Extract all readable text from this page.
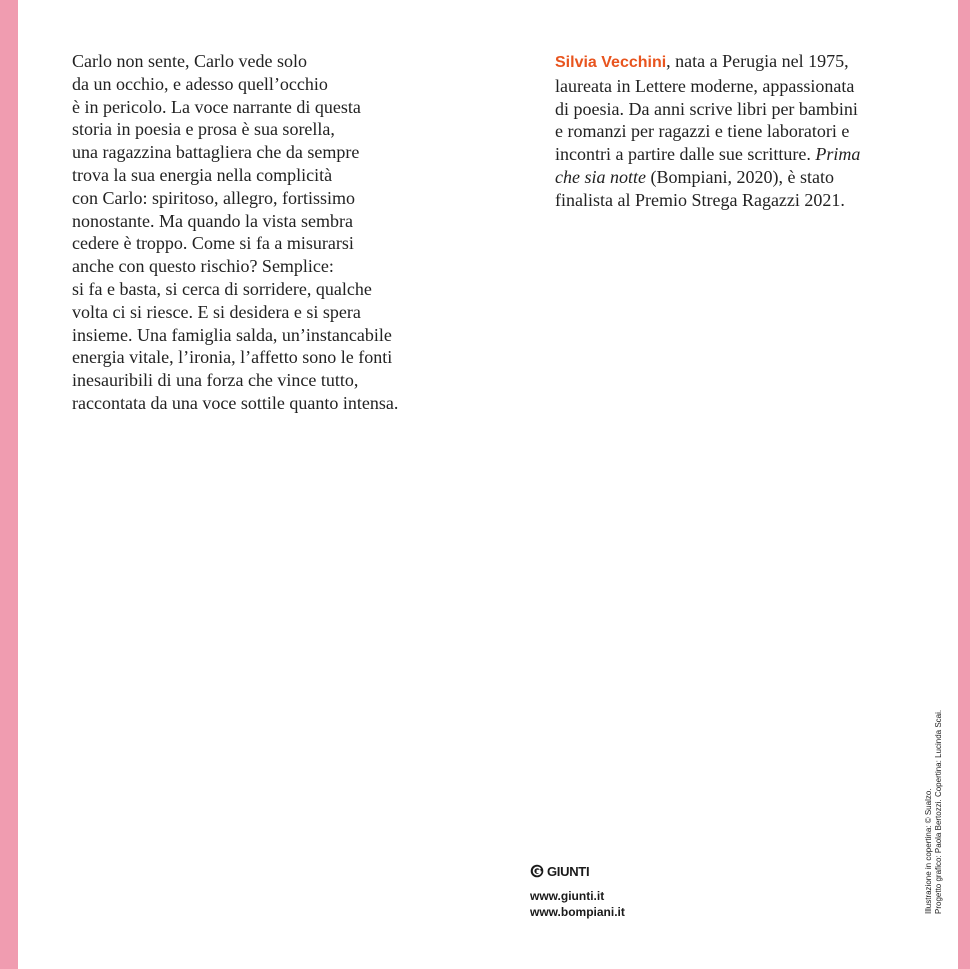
Carlo non sente, Carlo vede solo
da un occhio, e adesso quell’occhio
è in pericolo. La voce narrante di questa
storia in poesia e prosa è sua sorella,
una ragazzina battagliera che da sempre
trova la sua energia nella complicità
con Carlo: spiritoso, allegro, fortissimo
nonostante. Ma quando la vista sembra
cedere è troppo. Come si fa a misurarsi
anche con questo rischio? Semplice:
si fa e basta, si cerca di sorridere, qualche
volta ci si riesce. E si desidera e si spera
insieme. Una famiglia salda, un’instancabile
energia vitale, l’ironia, l’affetto sono le fonti
inesauribili di una forza che vince tutto,
raccontata da una voce sottile quanto intensa.
Silvia Vecchini, nata a Perugia nel 1975,
laureata in Lettere moderne, appassionata
di poesia. Da anni scrive libri per bambini
e romanzi per ragazzi e tiene laboratori e
incontri a partire dalle sue scritture. Prima
che sia notte (Bompiani, 2020), è stato
finalista al Premio Strega Ragazzi 2021.
GIUNTI
www.giunti.it
www.bompiani.it	Illustrazione in copertina: © Sualzo. Progetto grafico: Paola Bertozzi. Copertina: Lucinda Scai.
